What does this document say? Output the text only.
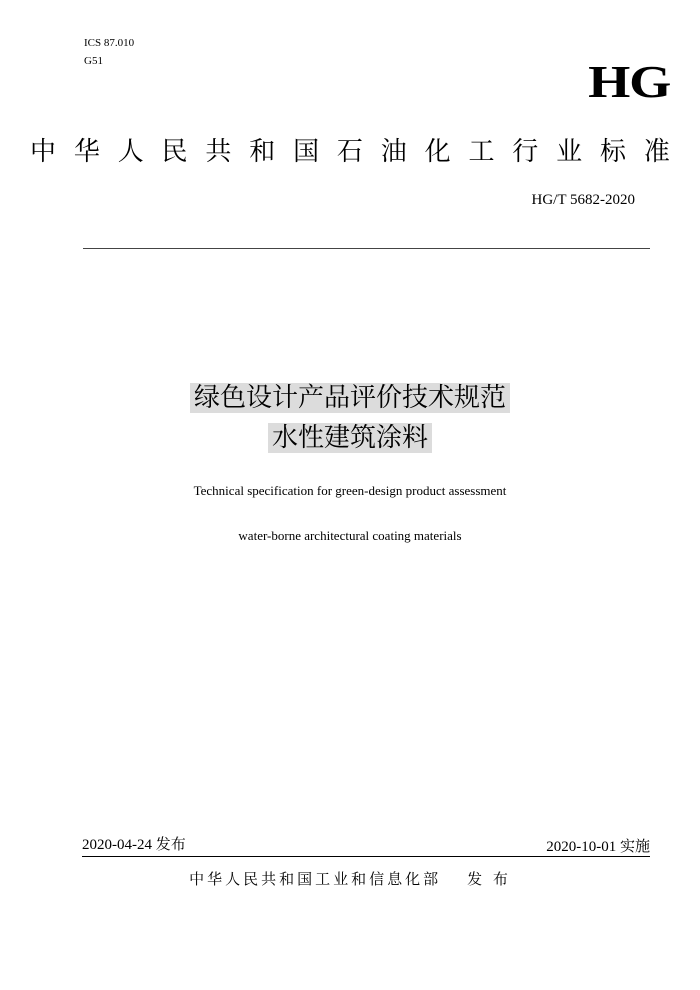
ICS 87.010
G51	HG
中 华 人 民 共 和 国 石 油 化 工 行 业 标 准
HG/T 5682-2020
绿色设计产品评价技术规范
水性建筑涂料
Technical specification for green-design product assessment
water-borne architectural coating materials
2020-04-24 发布	2020-10-01 实施
中华人民共和国工业和信息化部 发 布
